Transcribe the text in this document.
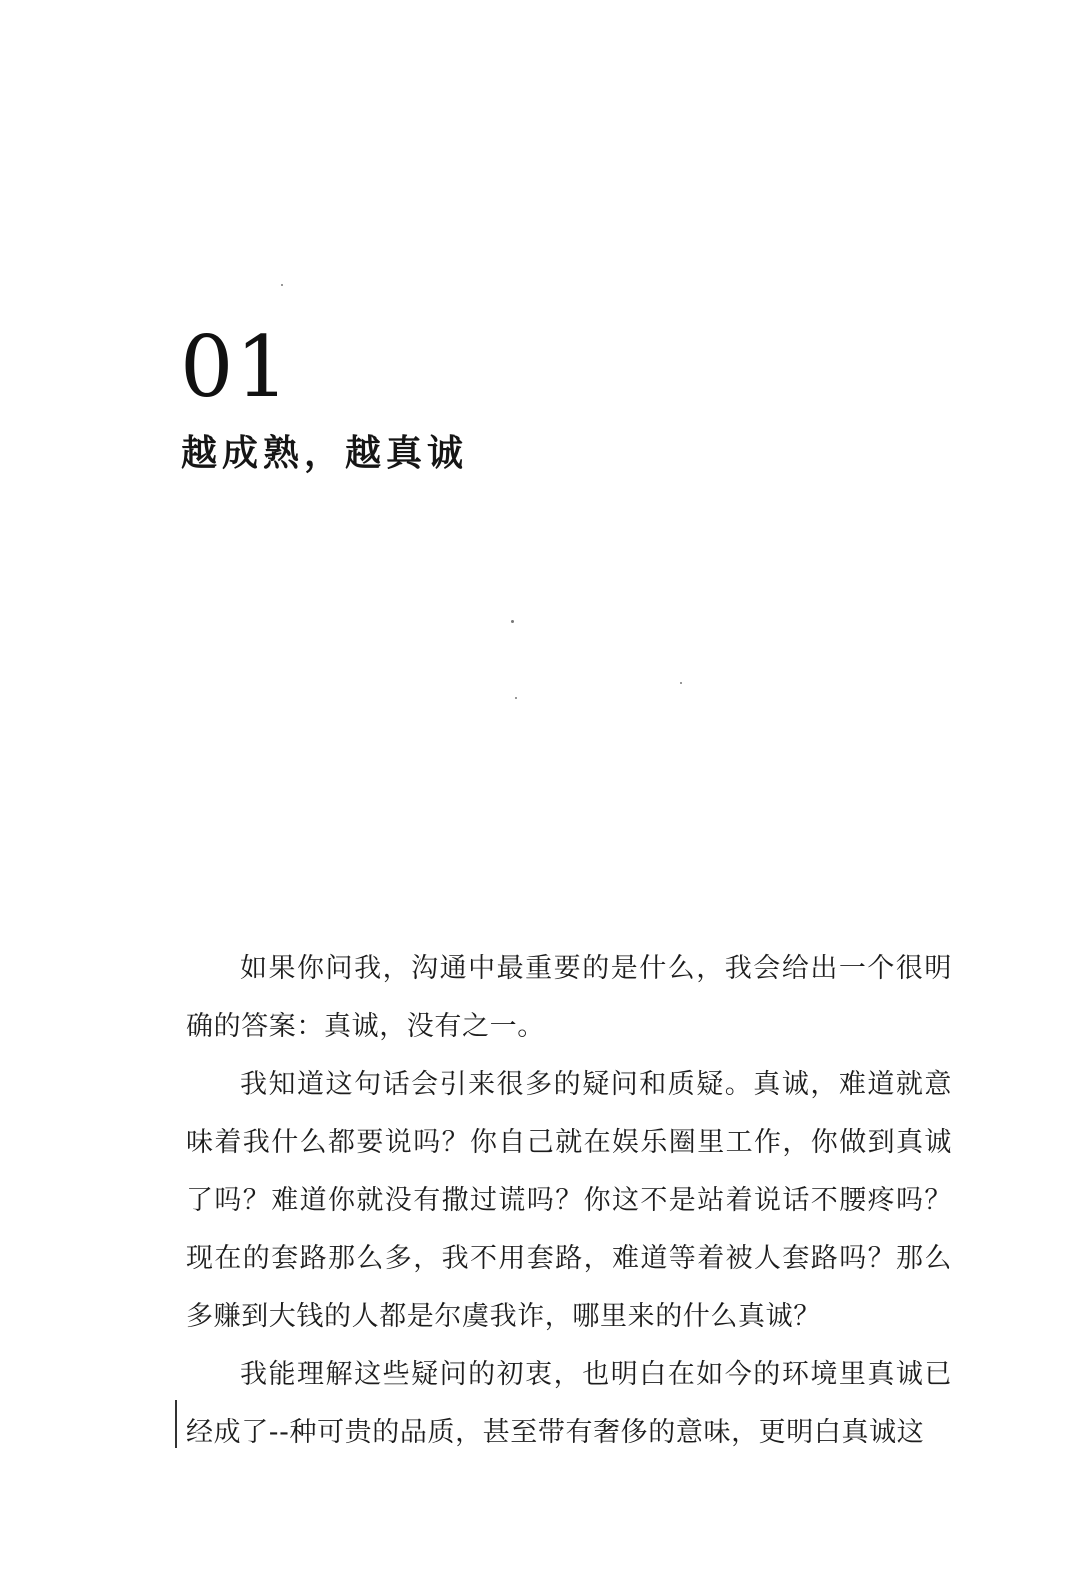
01
越成熟，越真诚

如果你问我，沟通中最重要的是什么，我会给出一个很明确的答案：真诚，没有之一。

我知道这句话会引来很多的疑问和质疑。真诚，难道就意味着我什么都要说吗？你自己就在娱乐圈里工作，你做到真诚了吗？难道你就没有撒过谎吗？你这不是站着说话不腰疼吗？现在的套路那么多，我不用套路，难道等着被人套路吗？那么多赚到大钱的人都是尔虞我诈，哪里来的什么真诚？

我能理解这些疑问的初衷，也明白在如今的环境里真诚已经成了--种可贵的品质，甚至带有奢侈的意味，更明白真诚这
